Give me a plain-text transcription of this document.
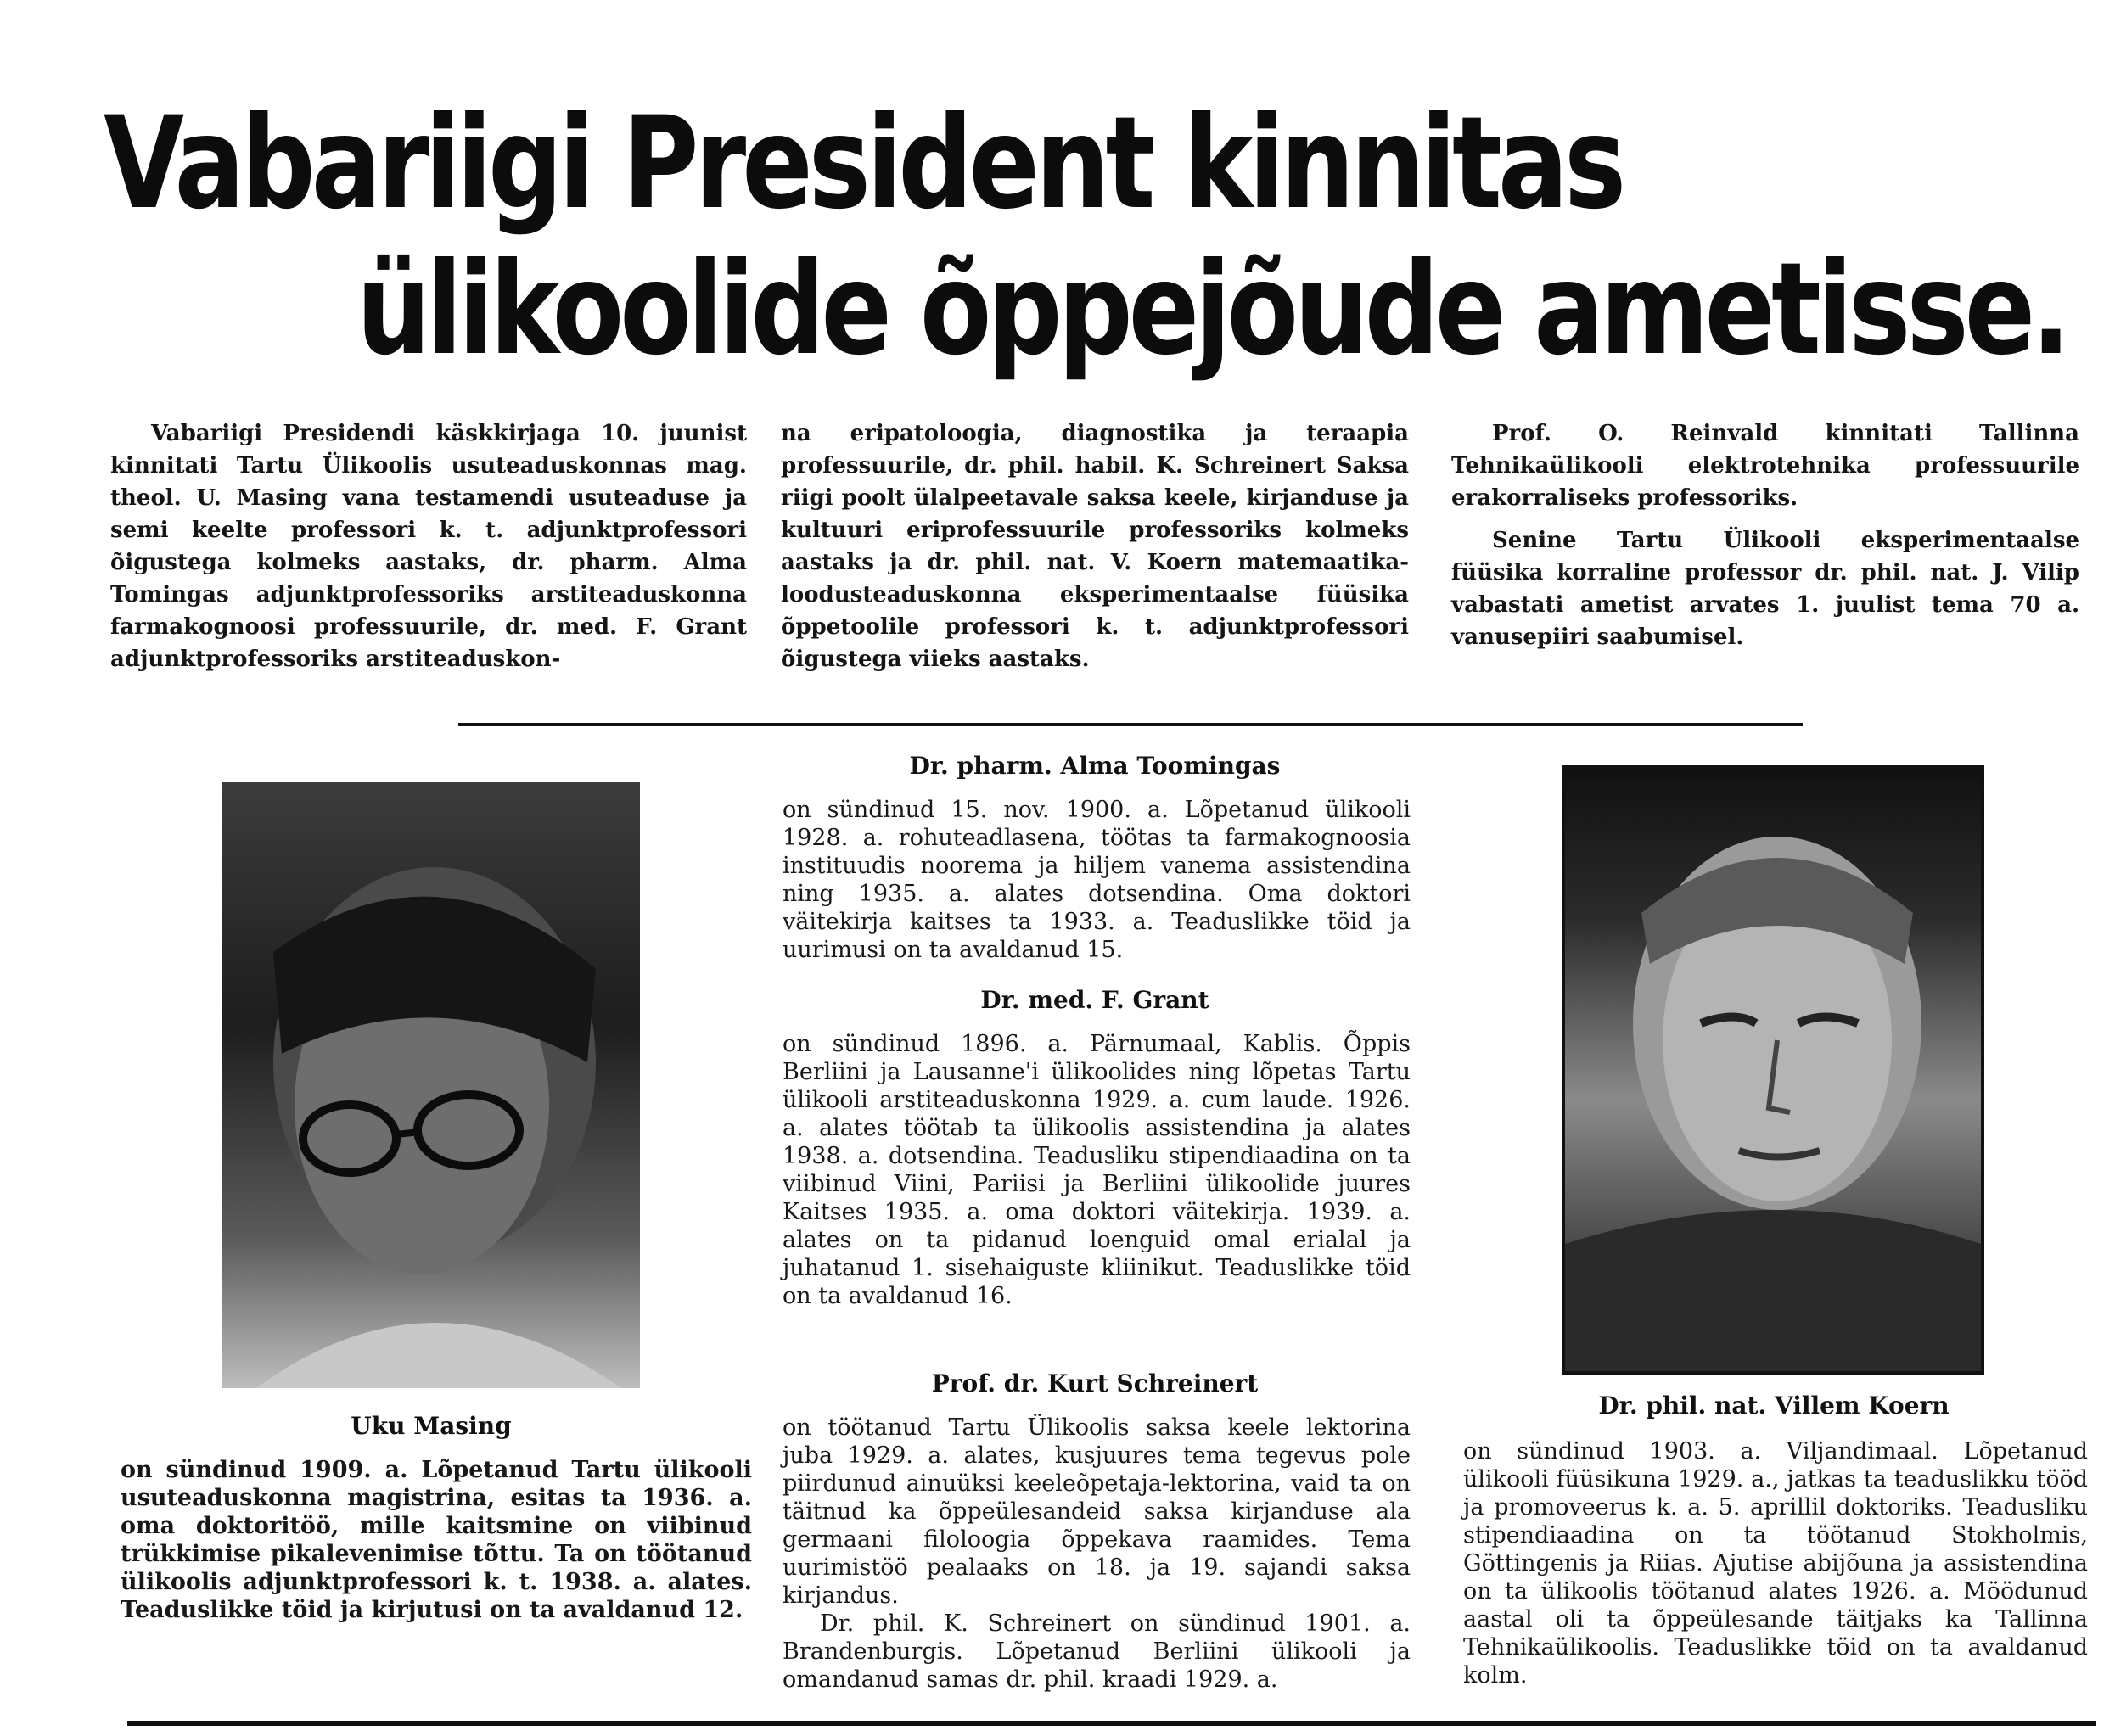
Vabariigi President kinnitas
ülikoolide õppejõude ametisse.

Vabariigi Presidendi käskkirjaga 10. juunist kinnitati Tartu Ülikoolis usuteaduskonnas mag. theol. U. Masing vana testamendi usuteaduse ja semi keelte professori k. t. adjunktprofessori õigustega kolmeks aastaks, dr. pharm. Alma Tomingas adjunktprofessoriks arstiteaduskonna farmakognoosi professuurile, dr. med. F. Grant adjunktprofessoriks arstiteaduskon-

na eripatoloogia, diagnostika ja teraapia professuurile, dr. phil. habil. K. Schreinert Saksa riigi poolt ülalpeetavale saksa keele, kirjanduse ja kultuuri eriprofessuurile professoriks kolmeks aastaks ja dr. phil. nat. V. Koern matemaatika-loodusteaduskonna eksperimentaalse füüsika õppetoolile professori k. t. adjunktprofessori õigustega viieks aastaks.

Prof. O. Reinvald kinnitati Tallinna Tehnikaülikooli elektrotehnika professuurile erakorraliseks professoriks.

Senine Tartu Ülikooli eksperimentaalse füüsika korraline professor dr. phil. nat. J. Vilip vabastati ametist arvates 1. juulist tema 70 a. vanusepiiri saabumisel.

Uku Masing

on sündinud 1909. a. Lõpetanud Tartu ülikooli usuteaduskonna magistrina, esitas ta 1936. a. oma doktoritöö, mille kaitsmine on viibinud trükkimise pikalevenimise tõttu. Ta on töötanud ülikoolis adjunktprofessori k. t. 1938. a. alates. Teaduslikke töid ja kirjutusi on ta avaldanud 12.

Dr. pharm. Alma Toomingas

on sündinud 15. nov. 1900. a. Lõpetanud ülikooli 1928. a. rohuteadlasena, töötas ta farmakognoosia instituudis noorema ja hiljem vanema assistendina ning 1935. a. alates dotsendina. Oma doktori väitekirja kaitses ta 1933. a. Teaduslikke töid ja uurimusi on ta avaldanud 15.

Dr. med. F. Grant

on sündinud 1896. a. Pärnumaal, Kablis. Õppis Berliini ja Lausanne'i ülikoolides ning lõpetas Tartu ülikooli arstiteaduskonna 1929. a. cum laude. 1926. a. alates töötab ta ülikoolis assistendina ja alates 1938. a. dotsendina. Teadusliku stipendiaadina on ta viibinud Viini, Pariisi ja Berliini ülikoolide juures Kaitses 1935. a. oma doktori väitekirja. 1939. a. alates on ta pidanud loenguid omal erialal ja juhatanud 1. sisehaiguste kliinikut. Teaduslikke töid on ta avaldanud 16.

Prof. dr. Kurt Schreinert

on töötanud Tartu Ülikoolis saksa keele lektorina juba 1929. a. alates, kusjuures tema tegevus pole piirdunud ainuüksi keeleõpetaja-lektorina, vaid ta on täitnud ka õppeülesandeid saksa kirjanduse ala germaani filoloogia õppekava raamides. Tema uurimistöö pealaaks on 18. ja 19. sajandi saksa kirjandus.

Dr. phil. K. Schreinert on sündinud 1901. a. Brandenburgis. Lõpetanud Berliini ülikooli ja omandanud samas dr. phil. kraadi 1929. a.

Dr. phil. nat. Villem Koern

on sündinud 1903. a. Viljandimaal. Lõpetanud ülikooli füüsikuna 1929. a., jatkas ta teaduslikku tööd ja promoveerus k. a. 5. aprillil doktoriks. Teadusliku stipendiaadina on ta töötanud Stokholmis, Göttingenis ja Riias. Ajutise abijõuna ja assistendina on ta ülikoolis töötanud alates 1926. a. Möödunud aastal oli ta õppeülesande täitjaks ka Tallinna Tehnikaülikoolis. Teaduslikke töid on ta avaldanud kolm.
